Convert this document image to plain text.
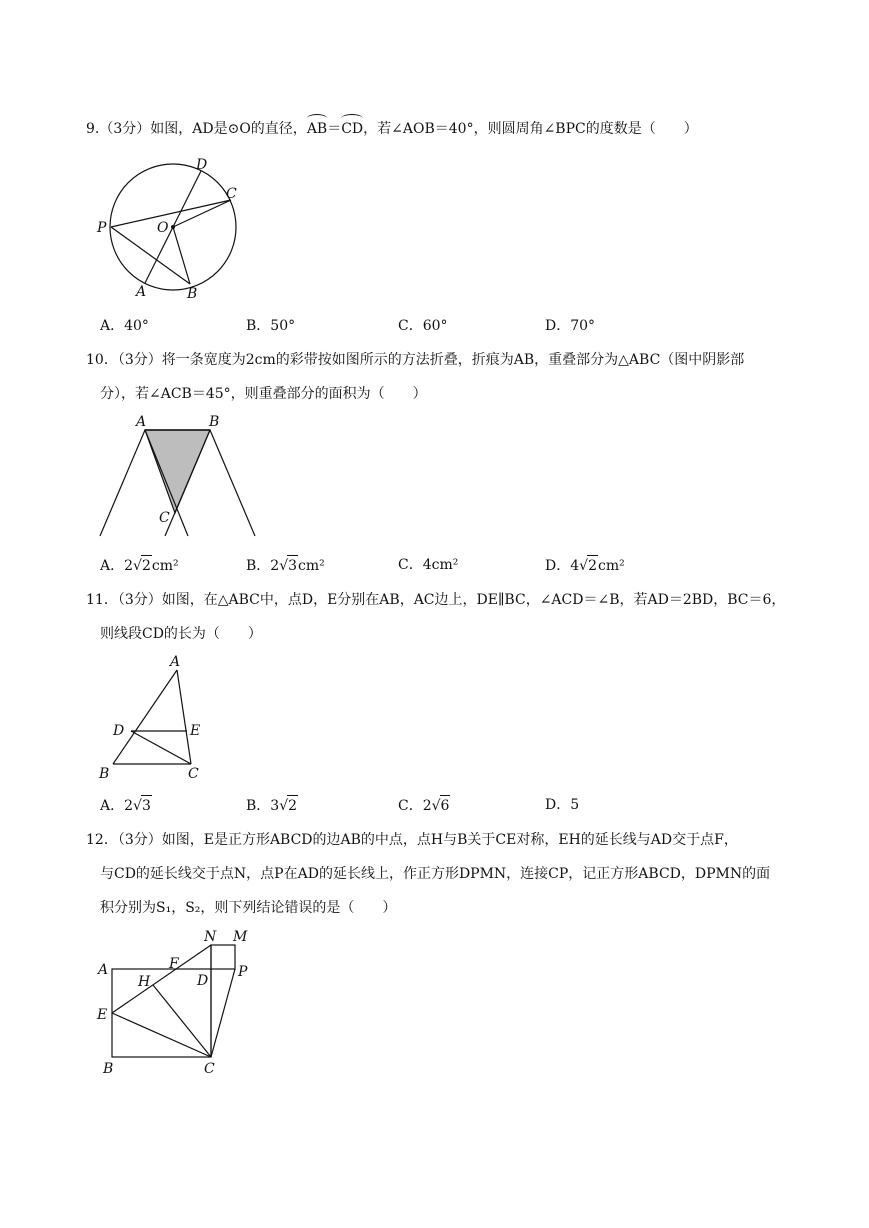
9.（3分）如图，AD是⊙O的直径，AB＝CD，若∠AOB＝40°，则圆周角∠BPC的度数是（　　）
D
C
P	O
A	B
A．40°	B．50°	C．60°	D．70°
10．（3分）将一条宽度为2cm的彩带按如图所示的方法折叠，折痕为AB，重叠部分为△ABC（图中阴影部
分），若∠ACB＝45°，则重叠部分的面积为（　　）
A	B
C
A．2√2cm²	B．2√3cm²	C．4cm²	D．4√2cm²
11．（3分）如图，在△ABC中，点D，E分别在AB，AC边上，DE∥BC，∠ACD＝∠B，若AD＝2BD，BC＝6，
则线段CD的长为（　　）
A
D	E
B	C
A．2√3	B．3√2	C．2√6	D．5
12．（3分）如图，E是正方形ABCD的边AB的中点，点H与B关于CE对称，EH的延长线与AD交于点F，
与CD的延长线交于点N，点P在AD的延长线上，作正方形DPMN，连接CP，记正方形ABCD，DPMN的面
积分别为S₁，S₂，则下列结论错误的是（　　）
N M
A	F
H	D
P
E
B	C
